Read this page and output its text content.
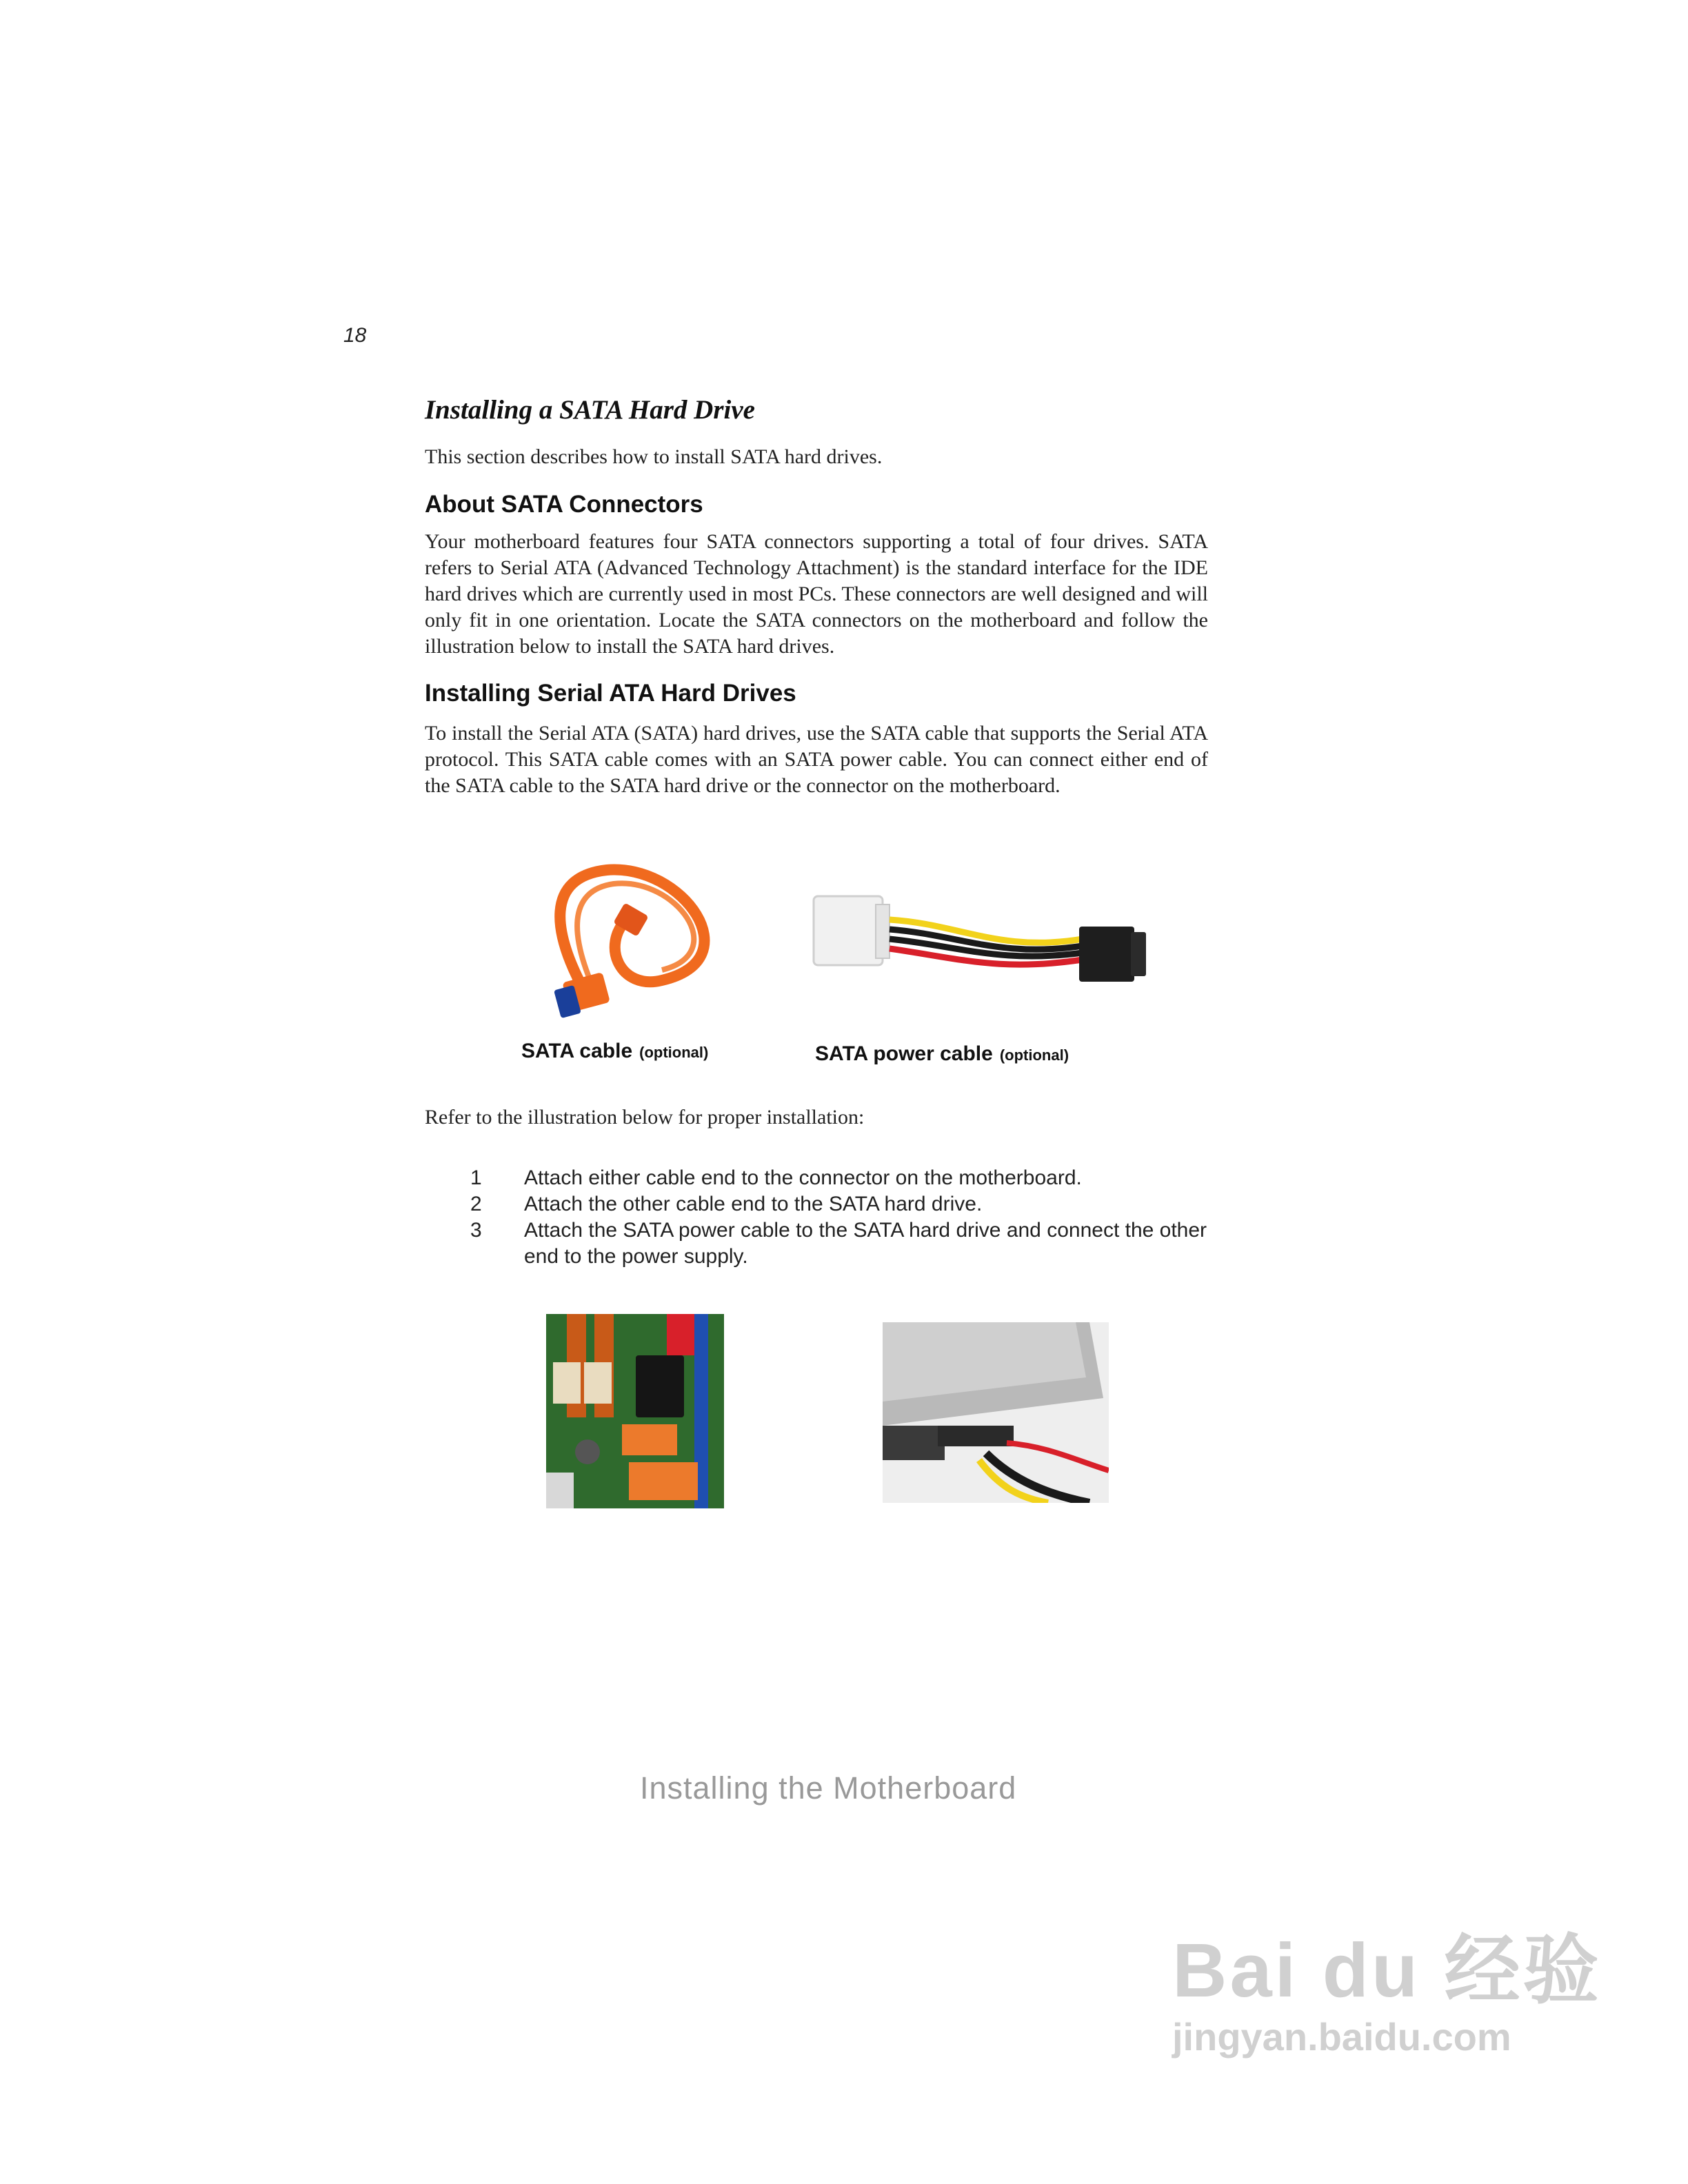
18
Installing a SATA Hard Drive
This section describes how to install SATA hard drives.
About SATA Connectors
Your motherboard features four SATA connectors supporting a total of four drives. SATA refers to Serial ATA (Advanced Technology Attachment) is the standard interface for the IDE hard drives which are currently used in most PCs. These connectors are well designed and will only fit in one orientation. Locate the SATA connectors on the motherboard and follow the illustration below to install the SATA hard drives.
Installing Serial ATA Hard Drives
To install the Serial ATA (SATA) hard drives, use the SATA cable that supports the Serial ATA protocol. This SATA cable comes with an SATA power cable. You can connect either end of the SATA cable to the SATA hard drive or the connector on the motherboard.
SATA cable (optional)	SATA power cable (optional)
Refer to the illustration below for proper installation:
1	Attach either cable end to the connector on the motherboard.
2	Attach the other cable end to the SATA hard drive.
3	Attach the SATA power cable to the SATA hard drive and connect the other end to the power supply.
Installing the Motherboard
Bai du 经验
jingyan.baidu.com
